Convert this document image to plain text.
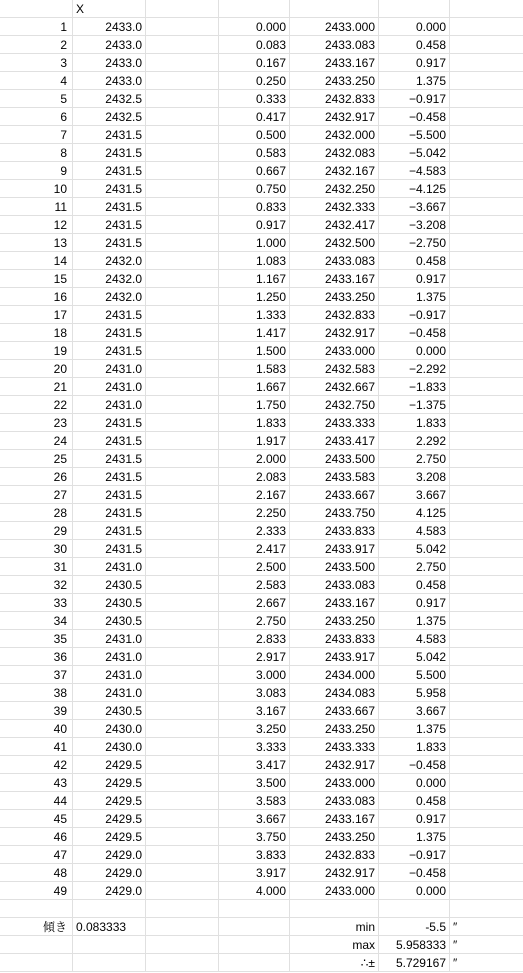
X
1	2433.0	0.000	2433.000	0.000
2	2433.0	0.083	2433.083	0.458
3	2433.0	0.167	2433.167	0.917
4	2433.0	0.250	2433.250	1.375
5	2432.5	0.333	2432.833	−0.917
6	2432.5	0.417	2432.917	−0.458
7	2431.5	0.500	2432.000	−5.500
8	2431.5	0.583	2432.083	−5.042
9	2431.5	0.667	2432.167	−4.583
10	2431.5	0.750	2432.250	−4.125
11	2431.5	0.833	2432.333	−3.667
12	2431.5	0.917	2432.417	−3.208
13	2431.5	1.000	2432.500	−2.750
14	2432.0	1.083	2433.083	0.458
15	2432.0	1.167	2433.167	0.917
16	2432.0	1.250	2433.250	1.375
17	2431.5	1.333	2432.833	−0.917
18	2431.5	1.417	2432.917	−0.458
19	2431.5	1.500	2433.000	0.000
20	2431.0	1.583	2432.583	−2.292
21	2431.0	1.667	2432.667	−1.833
22	2431.0	1.750	2432.750	−1.375
23	2431.5	1.833	2433.333	1.833
24	2431.5	1.917	2433.417	2.292
25	2431.5	2.000	2433.500	2.750
26	2431.5	2.083	2433.583	3.208
27	2431.5	2.167	2433.667	3.667
28	2431.5	2.250	2433.750	4.125
29	2431.5	2.333	2433.833	4.583
30	2431.5	2.417	2433.917	5.042
31	2431.0	2.500	2433.500	2.750
32	2430.5	2.583	2433.083	0.458
33	2430.5	2.667	2433.167	0.917
34	2430.5	2.750	2433.250	1.375
35	2431.0	2.833	2433.833	4.583
36	2431.0	2.917	2433.917	5.042
37	2431.0	3.000	2434.000	5.500
38	2431.0	3.083	2434.083	5.958
39	2430.5	3.167	2433.667	3.667
40	2430.0	3.250	2433.250	1.375
41	2430.0	3.333	2433.333	1.833
42	2429.5	3.417	2432.917	−0.458
43	2429.5	3.500	2433.000	0.000
44	2429.5	3.583	2433.083	0.458
45	2429.5	3.667	2433.167	0.917
46	2429.5	3.750	2433.250	1.375
47	2429.0	3.833	2432.833	−0.917
48	2429.0	3.917	2432.917	−0.458
49	2429.0	4.000	2433.000	0.000
傾き 0.083333	min	-5.5 ″
max	5.958333 ″
∴±	5.729167 ″
